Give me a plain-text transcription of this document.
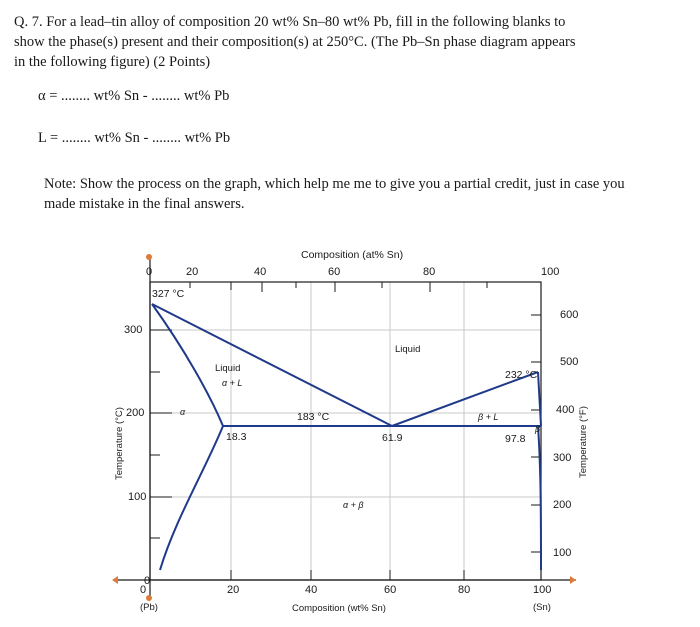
Q. 7. For a lead–tin alloy of composition 20 wt% Sn–80 wt% Pb, fill in the following blanks to

show the phase(s) present and their composition(s) at 250°C. (The Pb–Sn phase diagram appears

in the following figure) (2 Points)

α = ........ wt% Sn - ........ wt% Pb
L = ........ wt% Sn - ........ wt% Pb
Note: Show the process on the graph, which help me me to give you a partial credit, just in case you
made mistake in the final answers.
Composition (at% Sn)
0	20	40	60	80	100
300
200
100
0
600
500
400
300
200
100
20	40	60	80	100
0
(Pb)	(Sn)
Composition (wt% Sn)
Temperature (°C)	Temperature (°F)
327 °C
232 °C
183 °C
18.3	61.9	97.8
Liquid
Liquid
α + L
β + L
α
β
α + β
